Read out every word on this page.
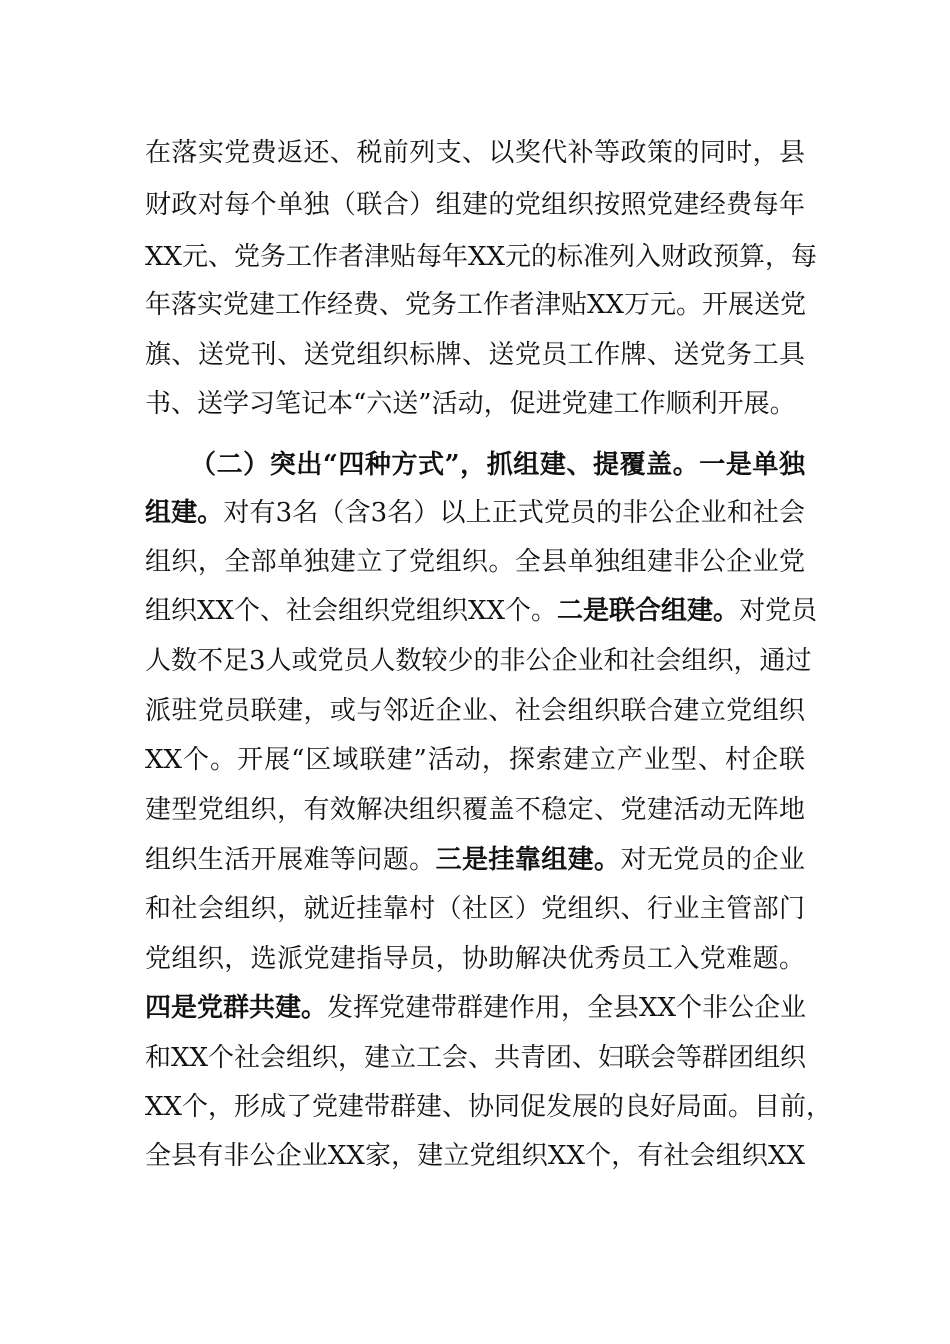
在落实党费返还、税前列支、以奖代补等政策的同时，县
财政对每个单独（联合）组建的党组织按照党建经费每年
XX元、党务工作者津贴每年XX元的标准列入财政预算，每
年落实党建工作经费、党务工作者津贴XX万元。开展送党
旗、送党刊、送党组织标牌、送党员工作牌、送党务工具
书、送学习笔记本“六送”活动，促进党建工作顺利开展。
（二）突出“四种方式”，抓组建、提覆盖。一是单独
组建。对有3名（含3名）以上正式党员的非公企业和社会
组织，全部单独建立了党组织。全县单独组建非公企业党
组织XX个、社会组织党组织XX个。二是联合组建。对党员
人数不足3人或党员人数较少的非公企业和社会组织，通过
派驻党员联建，或与邻近企业、社会组织联合建立党组织
XX个。开展“区域联建”活动，探索建立产业型、村企联
建型党组织，有效解决组织覆盖不稳定、党建活动无阵地
组织生活开展难等问题。三是挂靠组建。对无党员的企业
和社会组织，就近挂靠村（社区）党组织、行业主管部门
党组织，选派党建指导员，协助解决优秀员工入党难题。
四是党群共建。发挥党建带群建作用，全县XX个非公企业
和XX个社会组织，建立工会、共青团、妇联会等群团组织
XX个，形成了党建带群建、协同促发展的良好局面。目前，
全县有非公企业XX家，建立党组织XX个，有社会组织XX
